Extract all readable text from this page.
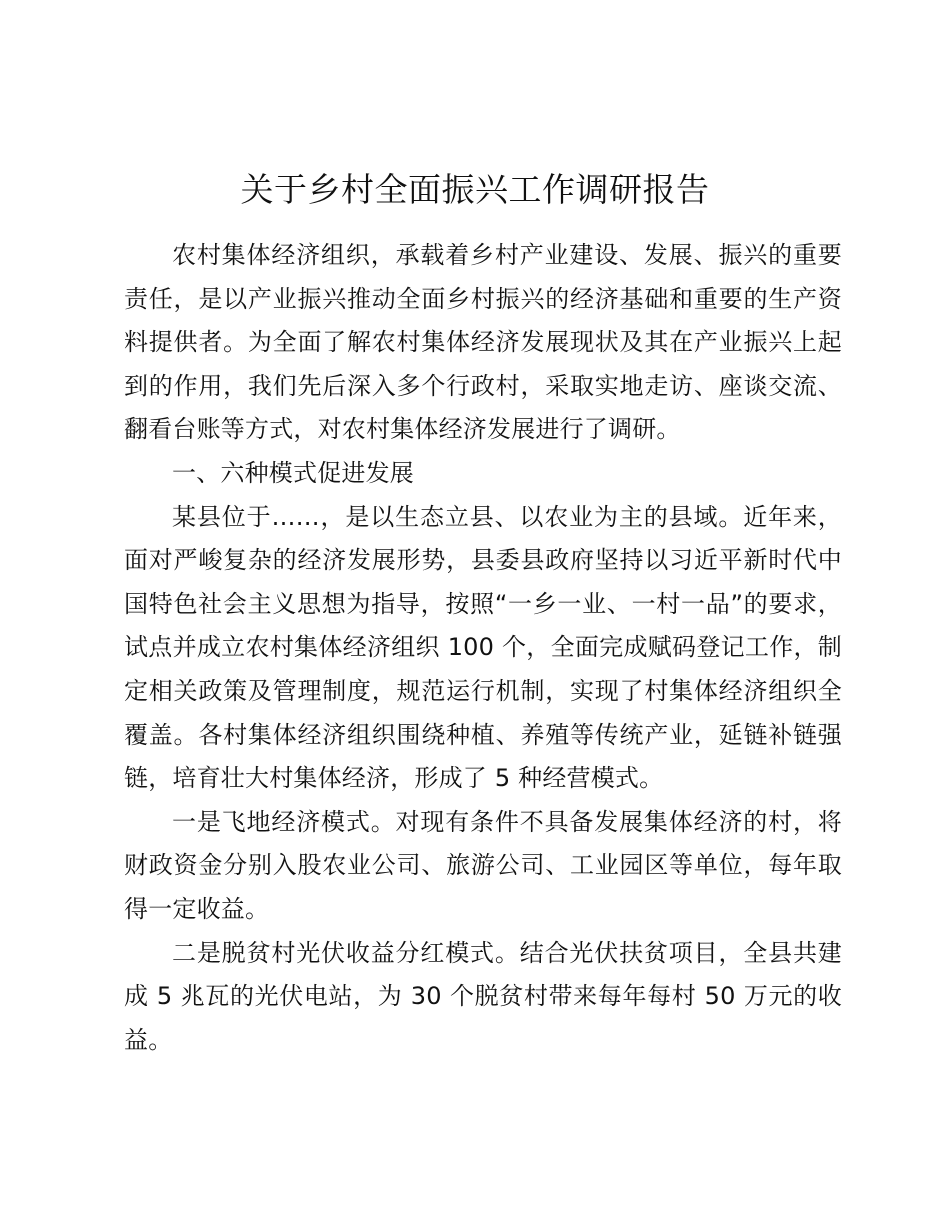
关于乡村全面振兴工作调研报告

农村集体经济组织，承载着乡村产业建设、发展、振兴的重要责任，是以产业振兴推动全面乡村振兴的经济基础和重要的生产资料提供者。为全面了解农村集体经济发展现状及其在产业振兴上起到的作用，我们先后深入多个行政村，采取实地走访、座谈交流、翻看台账等方式，对农村集体经济发展进行了调研。

一、六种模式促进发展

某县位于……，是以生态立县、以农业为主的县域。近年来，面对严峻复杂的经济发展形势，县委县政府坚持以习近平新时代中国特色社会主义思想为指导，按照“一乡一业、一村一品”的要求，试点并成立农村集体经济组织 100 个，全面完成赋码登记工作，制定相关政策及管理制度，规范运行机制，实现了村集体经济组织全覆盖。各村集体经济组织围绕种植、养殖等传统产业，延链补链强链，培育壮大村集体经济，形成了 5 种经营模式。

一是飞地经济模式。对现有条件不具备发展集体经济的村，将财政资金分别入股农业公司、旅游公司、工业园区等单位，每年取得一定收益。

二是脱贫村光伏收益分红模式。结合光伏扶贫项目，全县共建成 5 兆瓦的光伏电站，为 30 个脱贫村带来每年每村 50 万元的收益。
